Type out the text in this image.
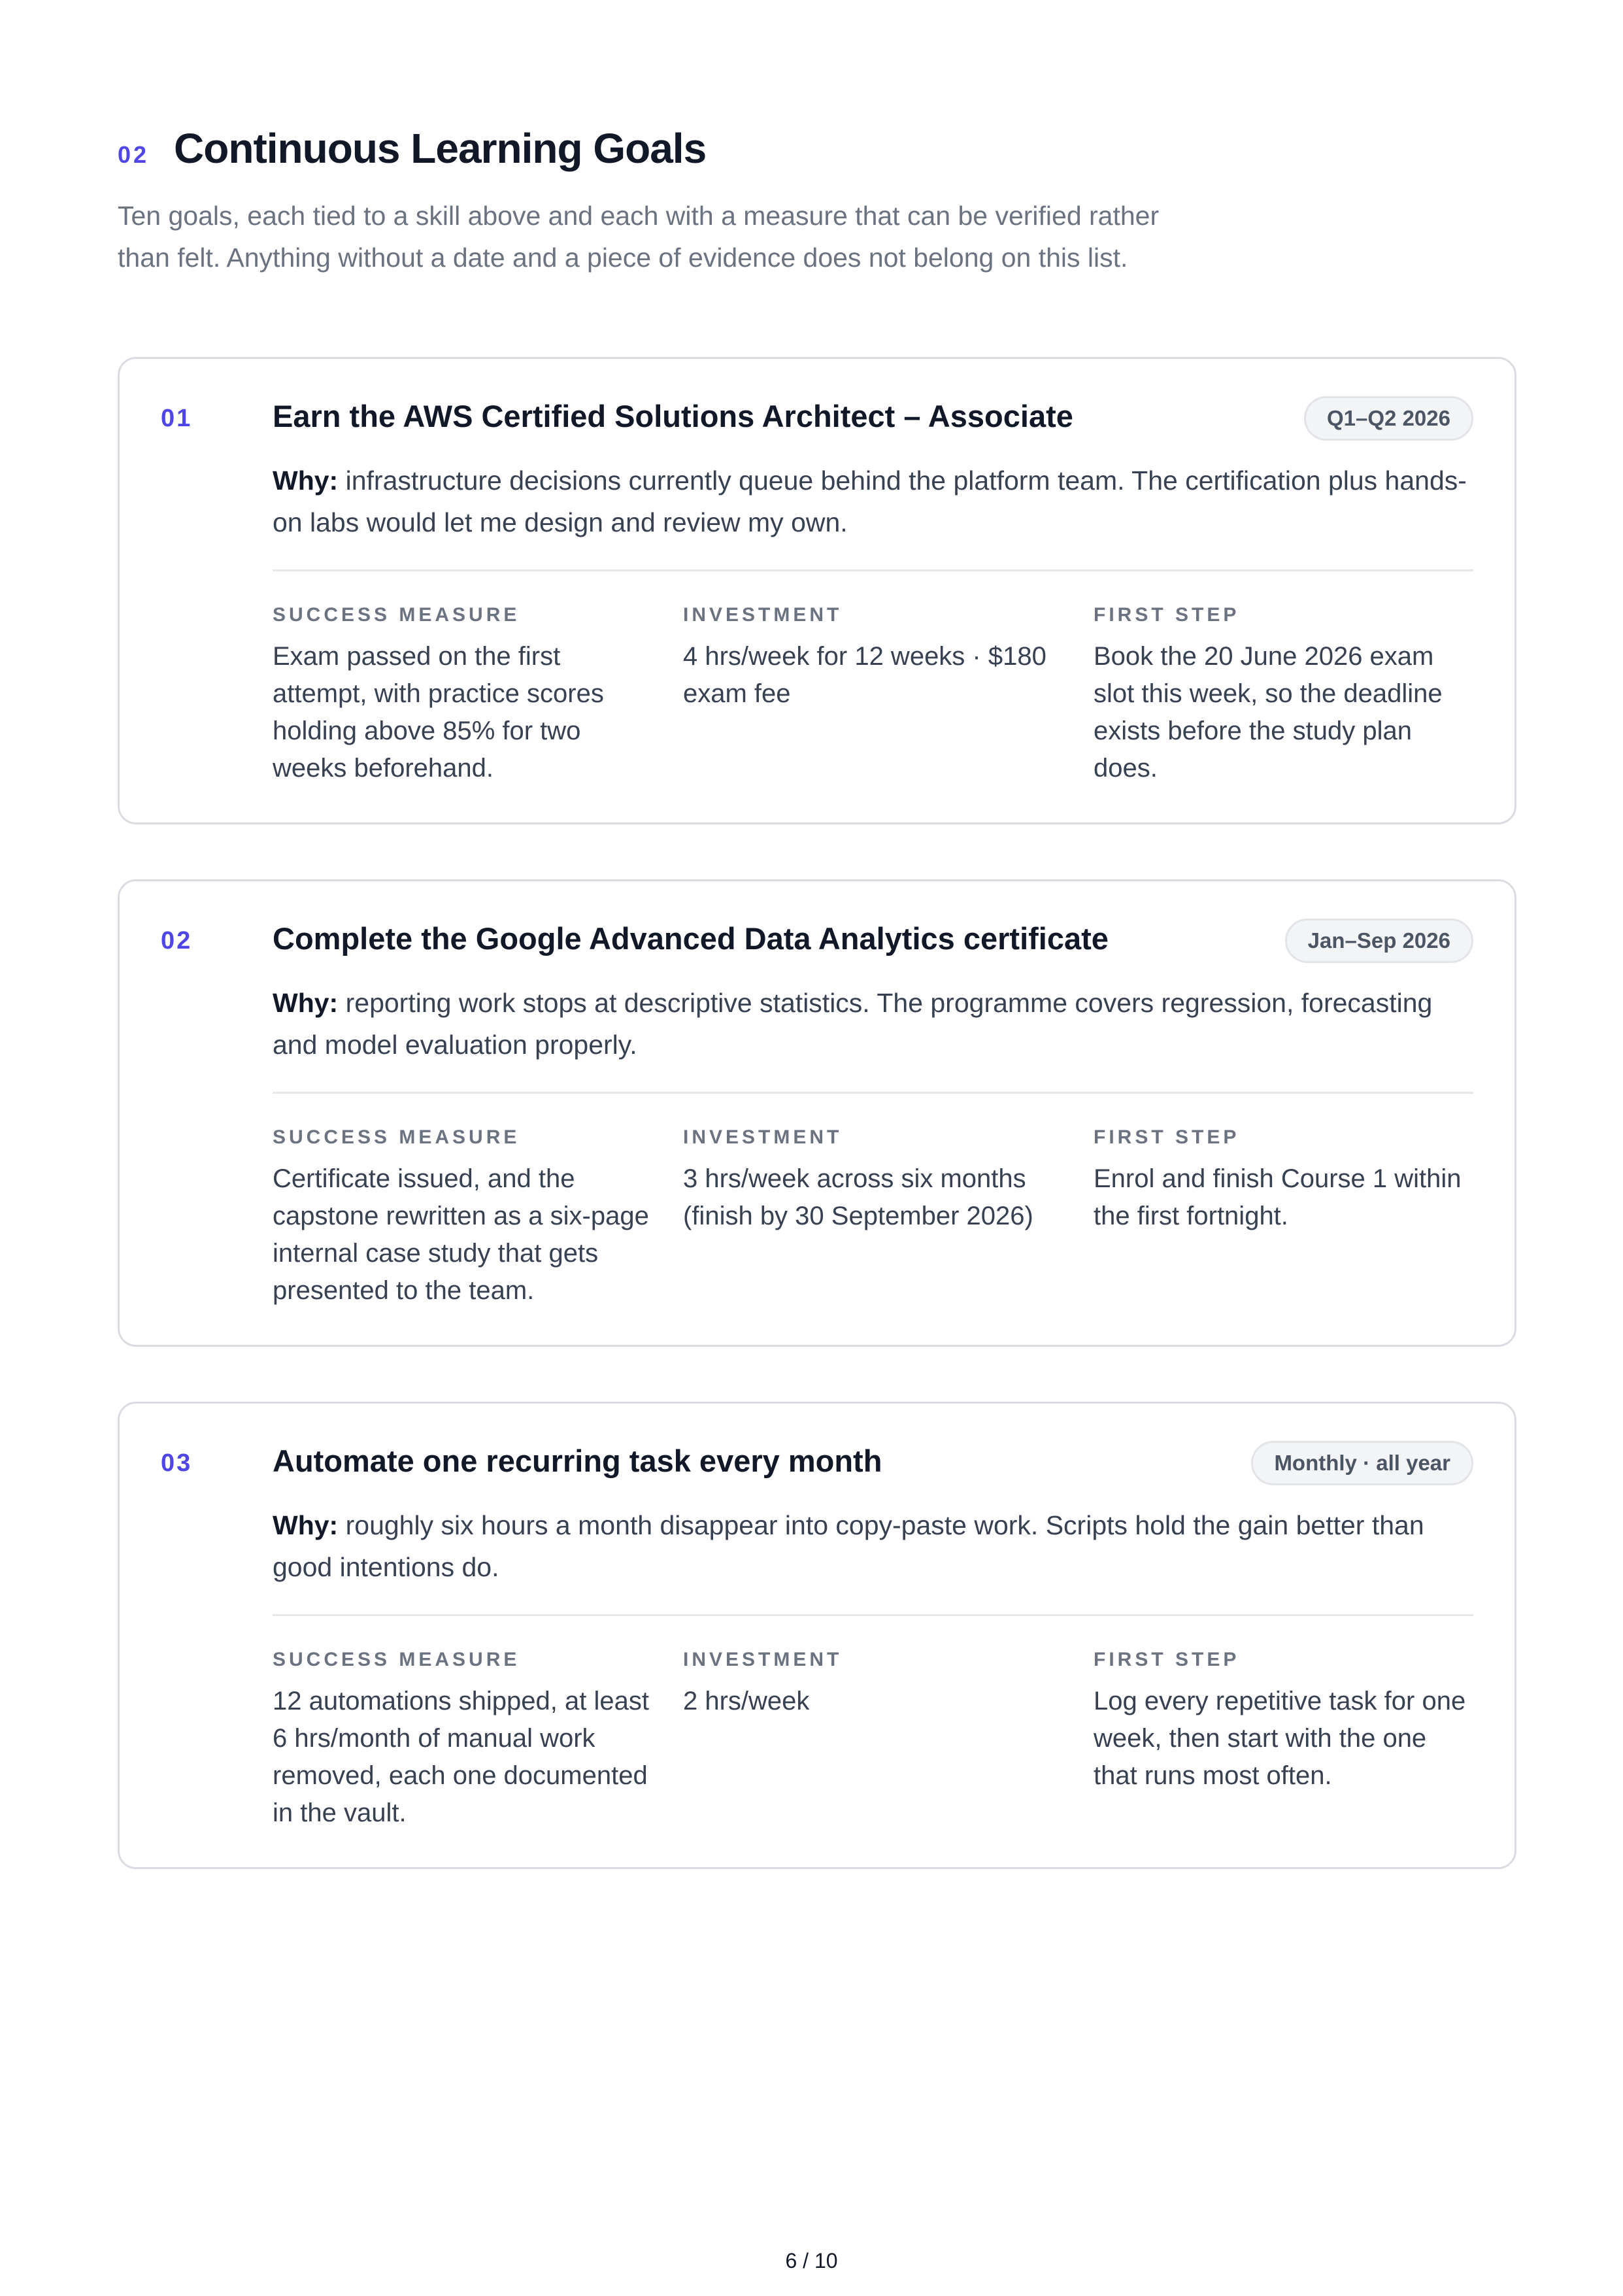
02 Continuous Learning Goals

Ten goals, each tied to a skill above and each with a measure that can be verified rather than felt. Anything without a date and a piece of evidence does not belong on this list.

01	Earn the AWS Certified Solutions Architect – Associate	Q1–Q2 2026

Why: infrastructure decisions currently queue behind the platform team. The certification plus hands-on labs would let me design and review my own.

SUCCESS MEASURE

Exam passed on the first attempt, with practice scores holding above 85% for two weeks beforehand.

INVESTMENT

4 hrs/week for 12 weeks · $180 exam fee

FIRST STEP

Book the 20 June 2026 exam slot this week, so the deadline exists before the study plan does.

02	Complete the Google Advanced Data Analytics certificate	Jan–Sep 2026

Why: reporting work stops at descriptive statistics. The programme covers regression, forecasting and model evaluation properly.

SUCCESS MEASURE

Certificate issued, and the capstone rewritten as a six-page internal case study that gets presented to the team.

INVESTMENT

3 hrs/week across six months (finish by 30 September 2026)

FIRST STEP

Enrol and finish Course 1 within the first fortnight.

03	Automate one recurring task every month	Monthly · all year

Why: roughly six hours a month disappear into copy-paste work. Scripts hold the gain better than good intentions do.

SUCCESS MEASURE

12 automations shipped, at least 6 hrs/month of manual work removed, each one documented in the vault.

INVESTMENT

2 hrs/week

FIRST STEP

Log every repetitive task for one week, then start with the one that runs most often.

6 / 10
